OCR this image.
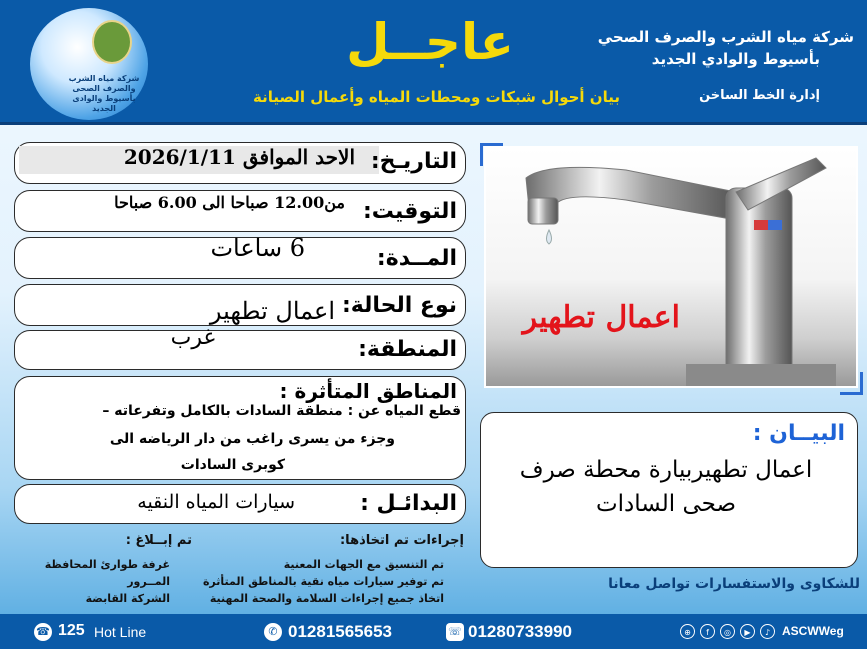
شركة مياه الشرب والصرف الصحى بأسيوط والوادى الجديد
عاجــل
بيان أحوال شبكات ومحطات المياه وأعمال الصيانة
شركة مياه الشرب والصرف الصحي
بأسيوط والوادي الجديد
إدارة الخط الساخن
الاحد الموافق 2026/1/11 التاريـخ:
من12.00 صباحا الى 6.00 صباحا التوقيت:
6 ساعات	المــدة:
اعمال تطهير نوع الحالة:
غرب	المنطقة:
المناطق المتأثرة :
قطع المياه عن : منطقة السادات بالكامل وتفرعاته –
وجزء من يسرى راغب من دار الرياضه الى
كوبرى السادات
سيارات المياه النقيه	البدائـل :
اعمال تطهير
البيــان :
اعمال تطهيربيارة محطة صرف صحى السادات
إجراءات تم اتخاذها:
تم التنسيق مع الجهات المعنية
تم توفير سيارات مياه نقية بالمناطق المتأثرة
اتخاذ جميع إجراءات السلامة والصحة المهنية
تم إبــلاغ :
غرفة طوارئ المحافظة
المــرور
الشركة القابضة
للشكاوى والاستفسارات تواصل معانا
☎ 125 Hot Line	✆ 01281565653	☏ 01280733990	⊕	f	◎	▶	♪ ASCWWeg
